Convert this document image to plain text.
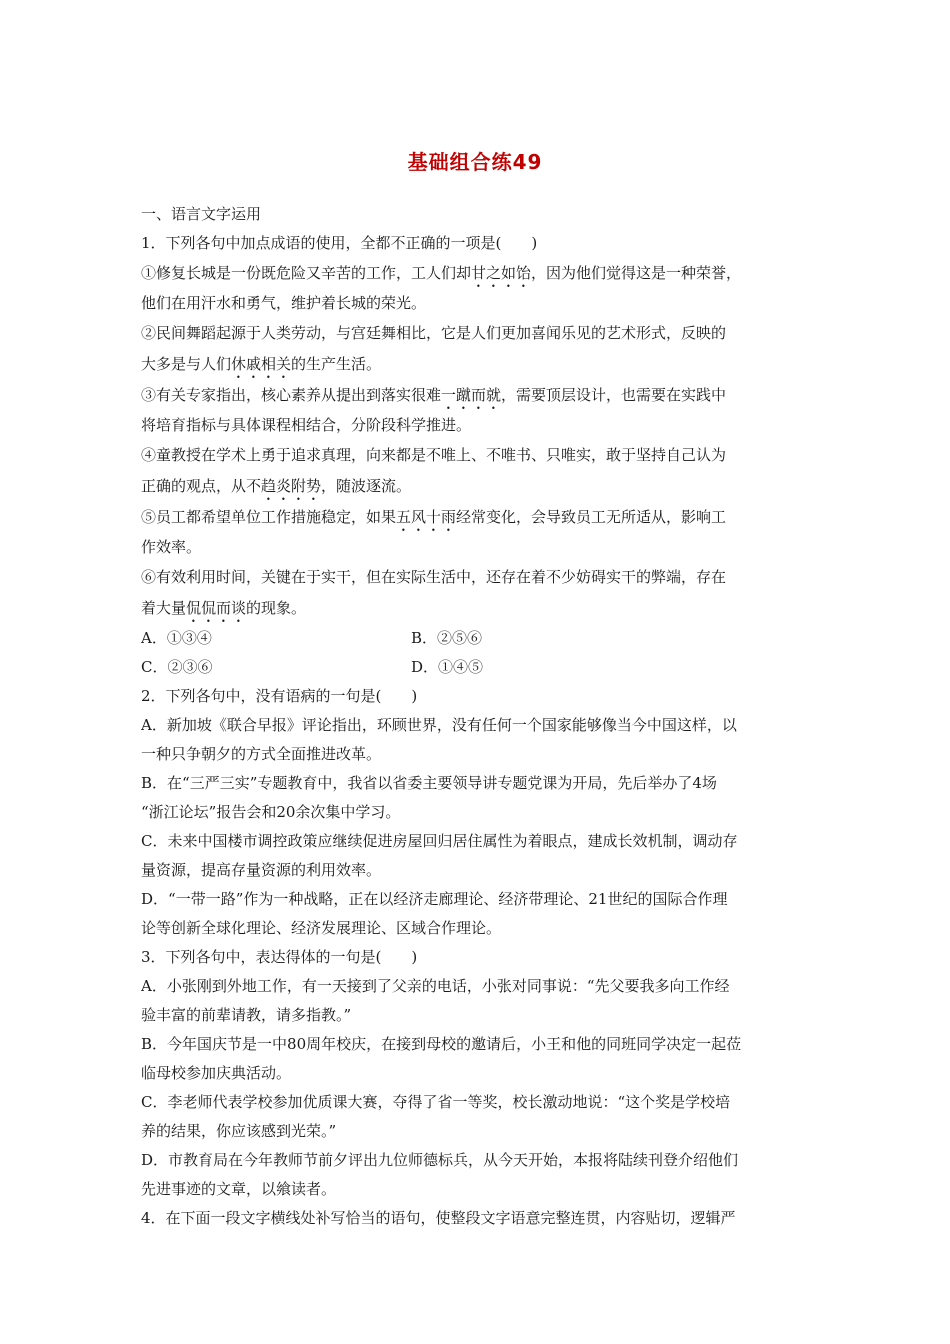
基础组合练49
一、语言文字运用
1．下列各句中加点成语的使用，全都不正确的一项是(　　)
①修复长城是一份既危险又辛苦的工作，工人们却甘之如饴，因为他们觉得这是一种荣誉，
他们在用汗水和勇气，维护着长城的荣光。
②民间舞蹈起源于人类劳动，与宫廷舞相比，它是人们更加喜闻乐见的艺术形式，反映的
大多是与人们休戚相关的生产生活。
③有关专家指出，核心素养从提出到落实很难一蹴而就，需要顶层设计，也需要在实践中
将培育指标与具体课程相结合，分阶段科学推进。
④童教授在学术上勇于追求真理，向来都是不唯上、不唯书、只唯实，敢于坚持自己认为
正确的观点，从不趋炎附势，随波逐流。
⑤员工都希望单位工作措施稳定，如果五风十雨经常变化，会导致员工无所适从，影响工
作效率。
⑥有效利用时间，关键在于实干，但在实际生活中，还存在着不少妨碍实干的弊端，存在
着大量侃侃而谈的现象。
A．①③④	B．②⑤⑥
C．②③⑥	D．①④⑤
2．下列各句中，没有语病的一句是(　　)
A．新加坡《联合早报》评论指出，环顾世界，没有任何一个国家能够像当今中国这样，以
一种只争朝夕的方式全面推进改革。
B．在“三严三实”专题教育中，我省以省委主要领导讲专题党课为开局，先后举办了4场
“浙江论坛”报告会和20余次集中学习。
C．未来中国楼市调控政策应继续促进房屋回归居住属性为着眼点，建成长效机制，调动存
量资源，提高存量资源的利用效率。
D．“一带一路”作为一种战略，正在以经济走廊理论、经济带理论、21世纪的国际合作理
论等创新全球化理论、经济发展理论、区域合作理论。
3．下列各句中，表达得体的一句是(　　)
A．小张刚到外地工作，有一天接到了父亲的电话，小张对同事说：“先父要我多向工作经
验丰富的前辈请教，请多指教。”
B．今年国庆节是一中80周年校庆，在接到母校的邀请后，小王和他的同班同学决定一起莅
临母校参加庆典活动。
C．李老师代表学校参加优质课大赛，夺得了省一等奖，校长激动地说：“这个奖是学校培
养的结果，你应该感到光荣。”
D．市教育局在今年教师节前夕评出九位师德标兵，从今天开始，本报将陆续刊登介绍他们
先进事迹的文章，以飨读者。
4．在下面一段文字横线处补写恰当的语句，使整段文字语意完整连贯，内容贴切，逻辑严
